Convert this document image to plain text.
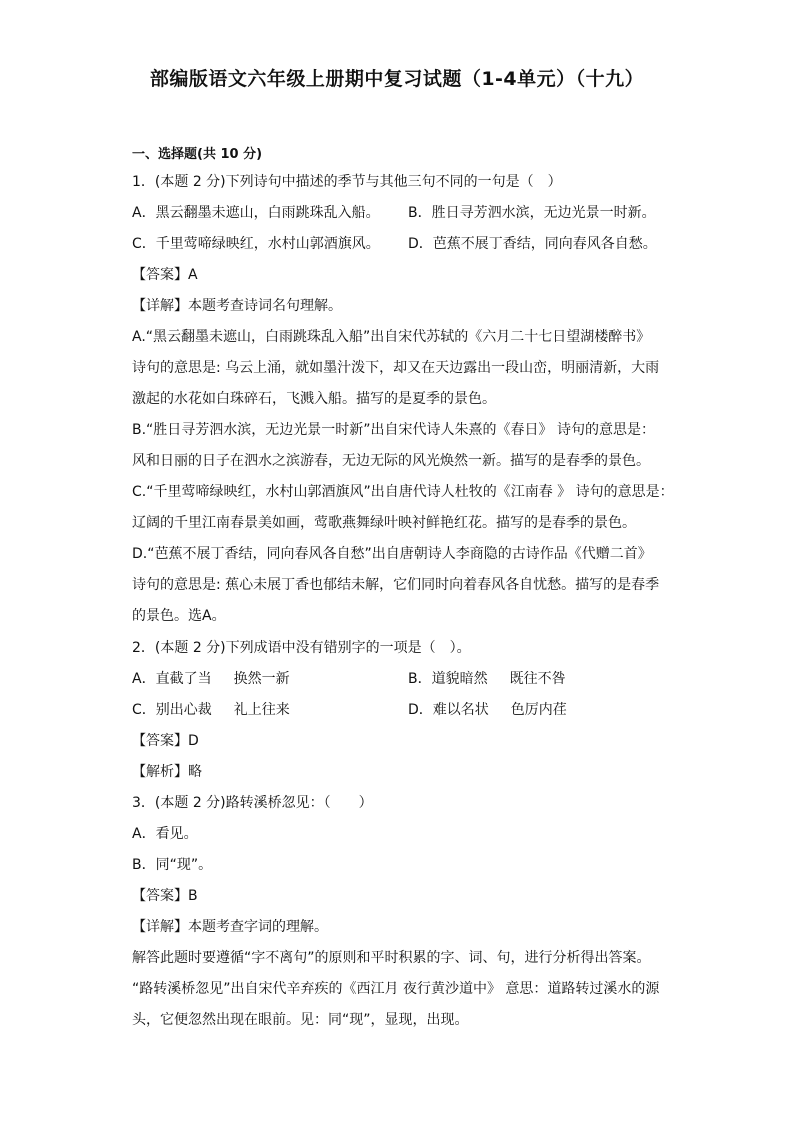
部编版语文六年级上册期中复习试题（1-4单元）（十九）
一、选择题(共 10 分)
1．(本题 2 分)下列诗句中描述的季节与其他三句不同的一句是（　）
A．黑云翻墨未遮山，白雨跳珠乱入船。 B．胜日寻芳泗水滨，无边光景一时新。
C．千里莺啼绿映红，水村山郭酒旗风。 D．芭蕉不展丁香结，同向春风各自愁。
【答案】A
【详解】本题考查诗词名句理解。
A.“黑云翻墨未遮山，白雨跳珠乱入船”出自宋代苏轼的《六月二十七日望湖楼醉书》
诗句的意思是: 乌云上涌，就如墨汁泼下，却又在天边露出一段山峦，明丽清新，大雨
激起的水花如白珠碎石，飞溅入船。描写的是夏季的景色。
B.“胜日寻芳泗水滨，无边光景一时新”出自宋代诗人朱熹的《春日》 诗句的意思是：
风和日丽的日子在泗水之滨游春，无边无际的风光焕然一新。描写的是春季的景色。
C.“千里莺啼绿映红，水村山郭酒旗风”出自唐代诗人杜牧的《江南春 》 诗句的意思是：
辽阔的千里江南春景美如画，莺歌燕舞绿叶映衬鲜艳红花。描写的是春季的景色。
D.“芭蕉不展丁香结，同向春风各自愁”出自唐朝诗人李商隐的古诗作品《代赠二首》
诗句的意思是: 蕉心未展丁香也郁结未解，它们同时向着春风各自忧愁。描写的是春季
的景色。选A。
2．(本题 2 分)下列成语中没有错别字的一项是（　）。
A．直截了当 换然一新	B．道貌暗然 既往不咎
C．别出心裁 礼上往来	D．难以名状 色厉内荏
【答案】D
【解析】略
3．(本题 2 分)路转溪桥忽见：（　　）
A．看见。
B．同“现”。
【答案】B
【详解】本题考查字词的理解。
解答此题时要遵循“字不离句”的原则和平时积累的字、词、句，进行分析得出答案。
“路转溪桥忽见”出自宋代辛弃疾的《西江月 夜行黄沙道中》 意思：道路转过溪水的源
头，它便忽然出现在眼前。见：同“现”，显现，出现。
